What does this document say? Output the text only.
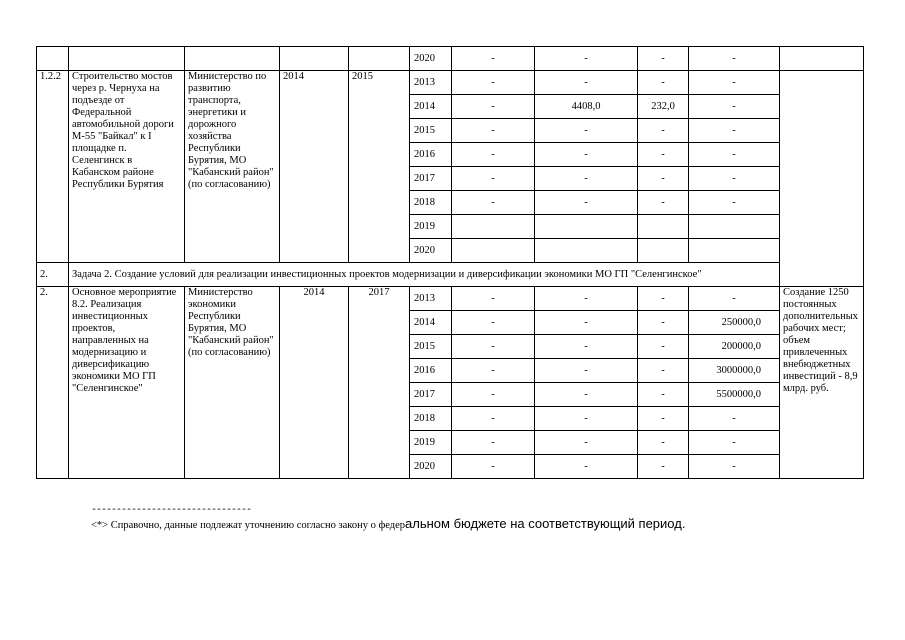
					2020	-	-	-	-	
1.2.2	Строительство мостов через р. Чернуха на подъезде от Федеральной автомобильной дороги М-55 "Байкал" к I площадке п. Селенгинск в Кабанском районе Республики Бурятия	Министерство по развитию транспорта, энергетики и дорожного хозяйства Республики Бурятия, МО "Кабанский район" (по согласованию)	2014	2015	2013	-	-	-	-	
					2014	-	4408,0	232,0	-	
					2015	-	-	-	-	
					2016	-	-	-	-	
					2017	-	-	-	-	
					2018	-	-	-	-	
					2019					
					2020					
2.	Задача 2. Создание условий для реализации инвестиционных проектов модернизации и диверсификации экономики МО ГП "Селенгинское"									
2.	Основное мероприятие 8.2. Реализация инвестиционных проектов, направленных на модернизацию и диверсификацию экономики МО ГП "Селенгинское"	Министерство экономики Республики Бурятия, МО "Кабанский район" (по согласованию)	2014	2017	2013	-	-	-	-	Создание 1250 постоянных дополнительных рабочих мест; объем привлеченных внебюджетных инвестиций - 8,9 млрд. руб.
					2014	-	-	-	250000,0	
					2015	-	-	-	200000,0	
					2016	-	-	-	3000000,0	
					2017	-	-	-	5500000,0	
					2018	-	-	-	-	
					2019	-	-	-	-	
					2020	-	-	-	-	
--------------------------------
<*> Справочно, данные подлежат уточнению согласно закону о федеральном бюджете на соответствующий период.
